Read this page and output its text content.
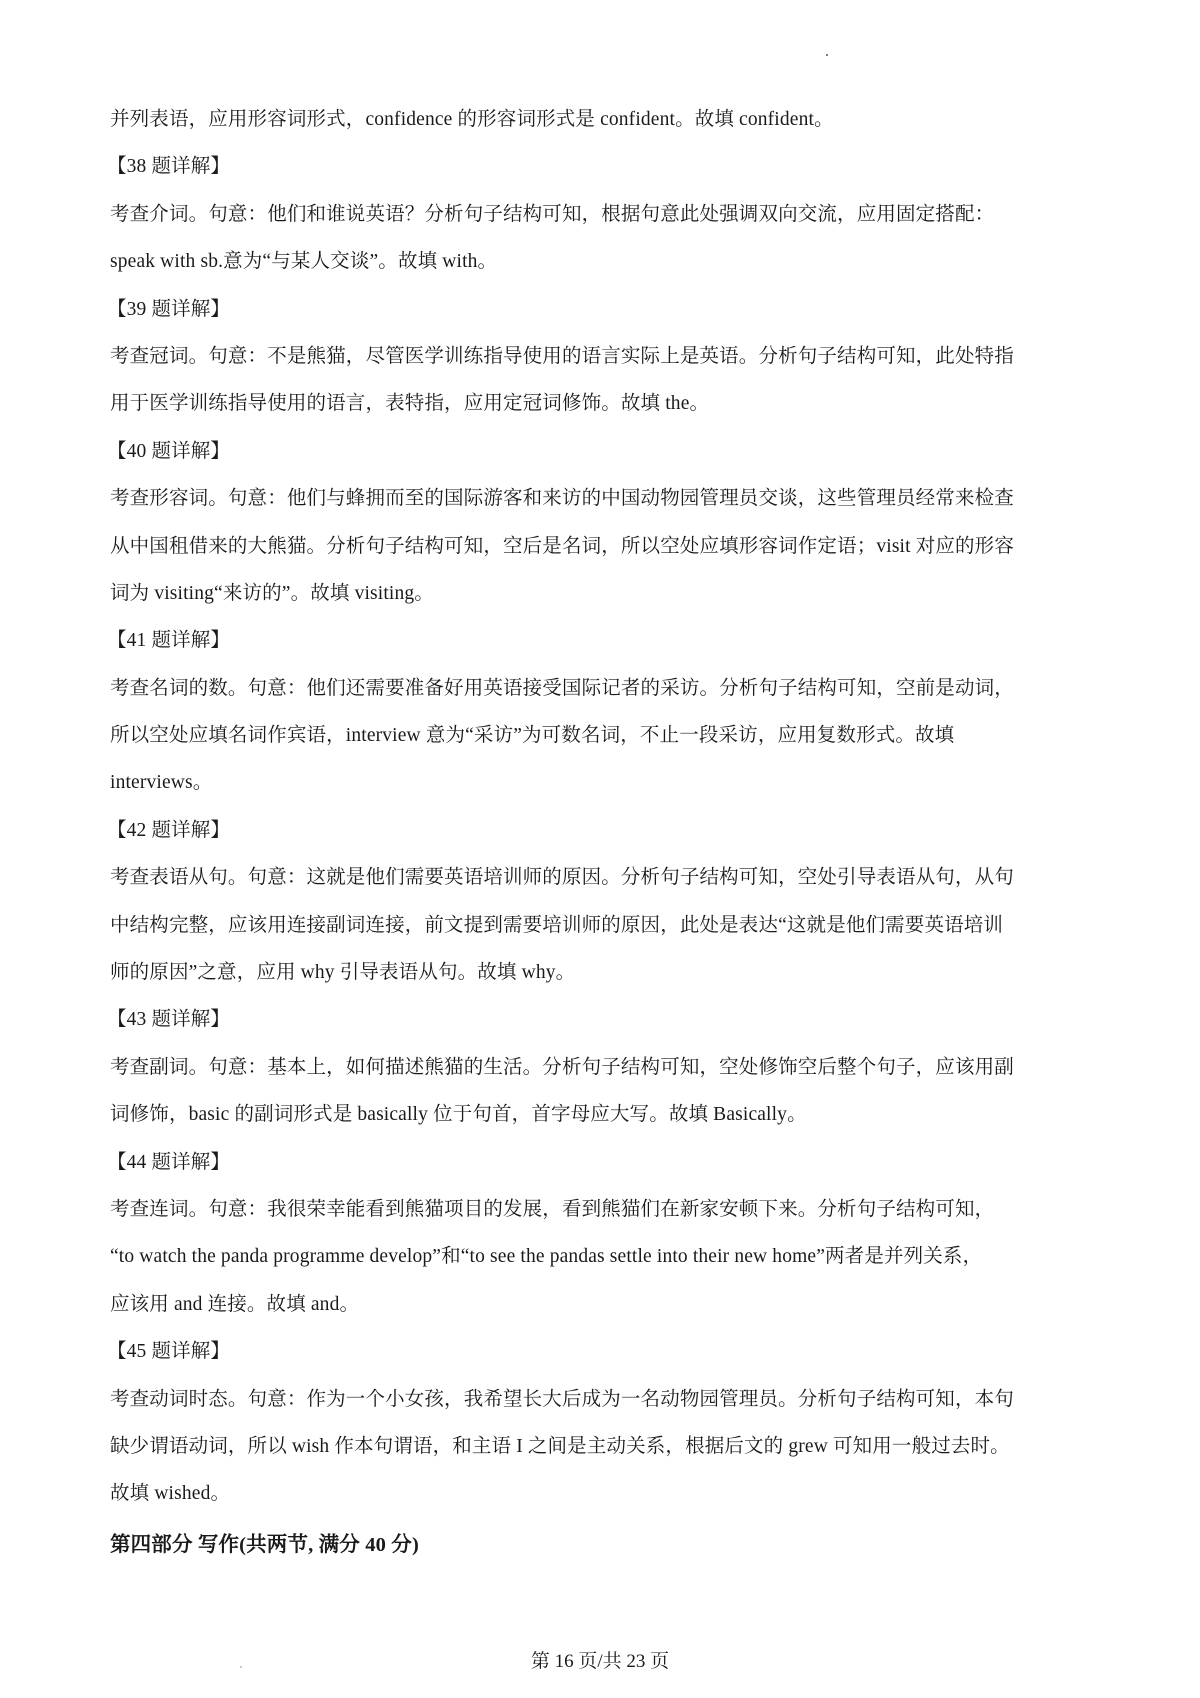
并列表语，应用形容词形式，confidence 的形容词形式是 confident。故填 confident。
【38 题详解】
考查介词。句意：他们和谁说英语？分析句子结构可知，根据句意此处强调双向交流，应用固定搭配：
speak with sb.意为“与某人交谈”。故填 with。
【39 题详解】
考查冠词。句意：不是熊猫，尽管医学训练指导使用的语言实际上是英语。分析句子结构可知，此处特指
用于医学训练指导使用的语言，表特指，应用定冠词修饰。故填 the。
【40 题详解】
考查形容词。句意：他们与蜂拥而至的国际游客和来访的中国动物园管理员交谈，这些管理员经常来检查
从中国租借来的大熊猫。分析句子结构可知，空后是名词，所以空处应填形容词作定语；visit 对应的形容
词为 visiting“来访的”。故填 visiting。
【41 题详解】
考查名词的数。句意：他们还需要准备好用英语接受国际记者的采访。分析句子结构可知，空前是动词，
所以空处应填名词作宾语，interview 意为“采访”为可数名词，不止一段采访，应用复数形式。故填
interviews。
【42 题详解】
考查表语从句。句意：这就是他们需要英语培训师的原因。分析句子结构可知，空处引导表语从句，从句
中结构完整，应该用连接副词连接，前文提到需要培训师的原因，此处是表达“这就是他们需要英语培训
师的原因”之意，应用 why 引导表语从句。故填 why。
【43 题详解】
考查副词。句意：基本上，如何描述熊猫的生活。分析句子结构可知，空处修饰空后整个句子，应该用副
词修饰，basic 的副词形式是 basically 位于句首，首字母应大写。故填 Basically。
【44 题详解】
考查连词。句意：我很荣幸能看到熊猫项目的发展，看到熊猫们在新家安顿下来。分析句子结构可知，
“to watch the panda programme develop”和“to see the pandas settle into their new home”两者是并列关系，
应该用 and 连接。故填 and。
【45 题详解】
考查动词时态。句意：作为一个小女孩，我希望长大后成为一名动物园管理员。分析句子结构可知，本句
缺少谓语动词，所以 wish 作本句谓语，和主语 I 之间是主动关系，根据后文的 grew 可知用一般过去时。
故填 wished。
第四部分 写作(共两节, 满分 40 分)
第 16 页/共 23 页
